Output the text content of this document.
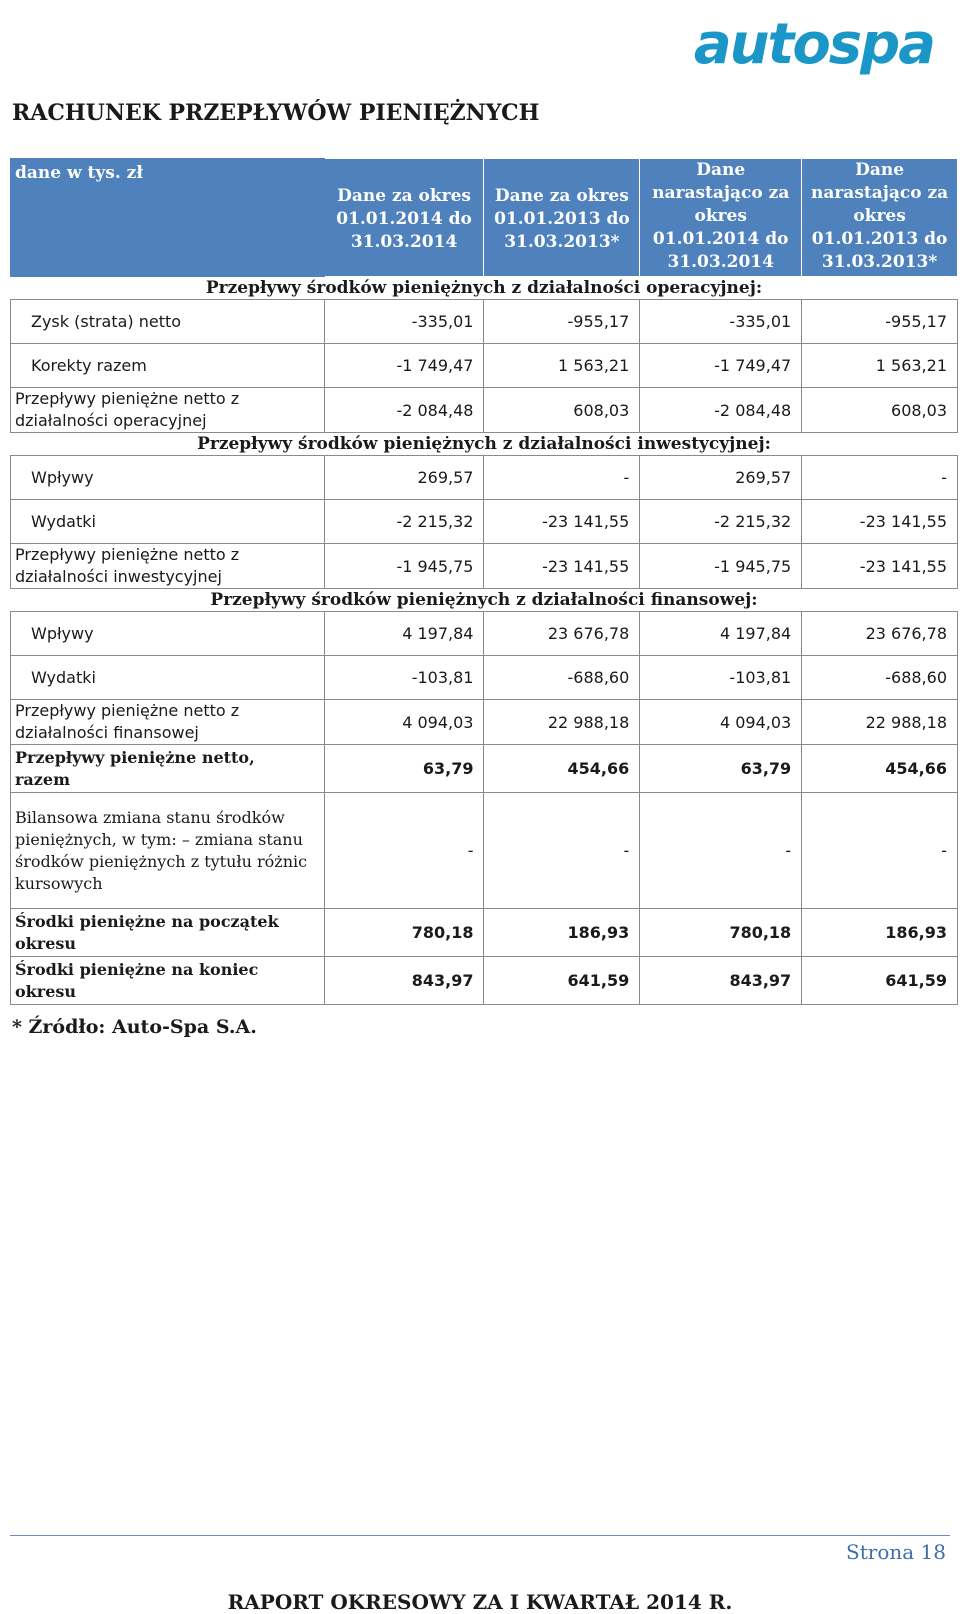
autospa
RACHUNEK PRZEPŁYWÓW PIENIĘŻNYCH
dane w tys. zł	Dane za okres 01.01.2014 do 31.03.2014	Dane za okres 01.01.2013 do 31.03.2013*	Dane narastająco za okres 01.01.2014 do 31.03.2014	Dane narastająco za okres 01.01.2013 do 31.03.2013*
Przepływy środków pieniężnych z działalności operacyjnej:				
Zysk (strata) netto	-335,01	-955,17	-335,01	-955,17
Korekty razem	-1 749,47	1 563,21	-1 749,47	1 563,21
Przepływy pieniężne netto z działalności operacyjnej	-2 084,48	608,03	-2 084,48	608,03
Przepływy środków pieniężnych z działalności inwestycyjnej:				
Wpływy	269,57	-	269,57	-
Wydatki	-2 215,32	-23 141,55	-2 215,32	-23 141,55
Przepływy pieniężne netto z działalności inwestycyjnej	-1 945,75	-23 141,55	-1 945,75	-23 141,55
Przepływy środków pieniężnych z działalności finansowej:				
Wpływy	4 197,84	23 676,78	4 197,84	23 676,78
Wydatki	-103,81	-688,60	-103,81	-688,60
Przepływy pieniężne netto z działalności finansowej	4 094,03	22 988,18	4 094,03	22 988,18
Przepływy pieniężne netto, razem	63,79	454,66	63,79	454,66
Bilansowa zmiana stanu środków pieniężnych, w tym: – zmiana stanu środków pieniężnych z tytułu różnic kursowych	-	-	-	-
Środki pieniężne na początek okresu	780,18	186,93	780,18	186,93
Środki pieniężne na koniec okresu	843,97	641,59	843,97	641,59
* Źródło: Auto-Spa S.A.
Strona 18
RAPORT OKRESOWY ZA I KWARTAŁ 2014 R.
